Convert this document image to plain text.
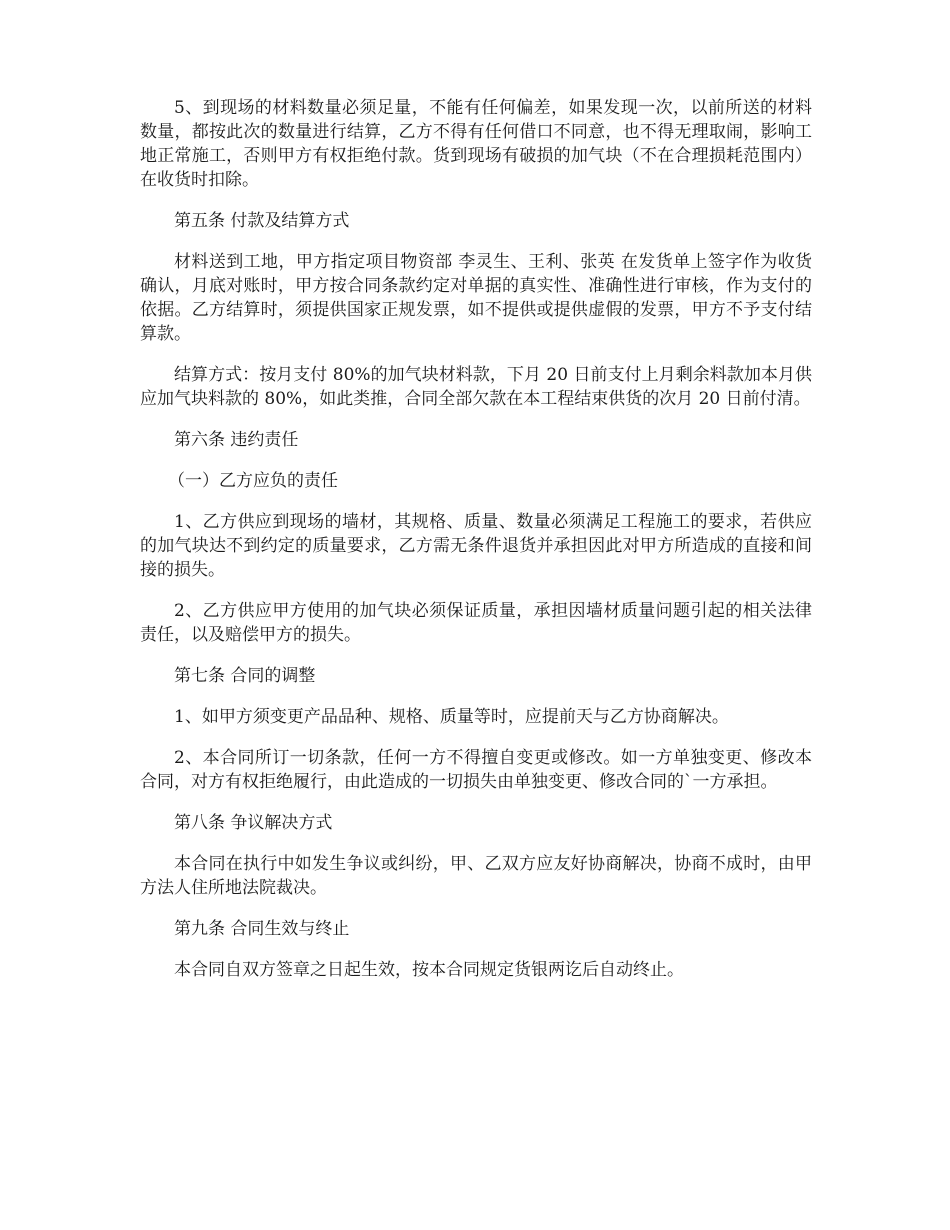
5、到现场的材料数量必须足量，不能有任何偏差，如果发现一次，以前所送的材料数量，都按此次的数量进行结算，乙方不得有任何借口不同意，也不得无理取闹，影响工地正常施工，否则甲方有权拒绝付款。货到现场有破损的加气块（不在合理损耗范围内）在收货时扣除。

第五条 付款及结算方式

材料送到工地，甲方指定项目物资部 李灵生、王利、张英 在发货单上签字作为收货确认，月底对账时，甲方按合同条款约定对单据的真实性、准确性进行审核，作为支付的依据。乙方结算时，须提供国家正规发票，如不提供或提供虚假的发票，甲方不予支付结算款。

结算方式：按月支付 80%的加气块材料款，下月 20 日前支付上月剩余料款加本月供应加气块料款的 80%，如此类推，合同全部欠款在本工程结束供货的次月 20 日前付清。

第六条 违约责任

（一）乙方应负的责任

1、乙方供应到现场的墙材，其规格、质量、数量必须满足工程施工的要求，若供应的加气块达不到约定的质量要求，乙方需无条件退货并承担因此对甲方所造成的直接和间接的损失。

2、乙方供应甲方使用的加气块必须保证质量，承担因墙材质量问题引起的相关法律责任，以及赔偿甲方的损失。

第七条 合同的调整

1、如甲方须变更产品品种、规格、质量等时，应提前天与乙方协商解决。

2、本合同所订一切条款，任何一方不得擅自变更或修改。如一方单独变更、修改本合同，对方有权拒绝履行，由此造成的一切损失由单独变更、修改合同的`一方承担。

第八条 争议解决方式

本合同在执行中如发生争议或纠纷，甲、乙双方应友好协商解决，协商不成时，由甲方法人住所地法院裁决。

第九条 合同生效与终止

本合同自双方签章之日起生效，按本合同规定货银两讫后自动终止。
